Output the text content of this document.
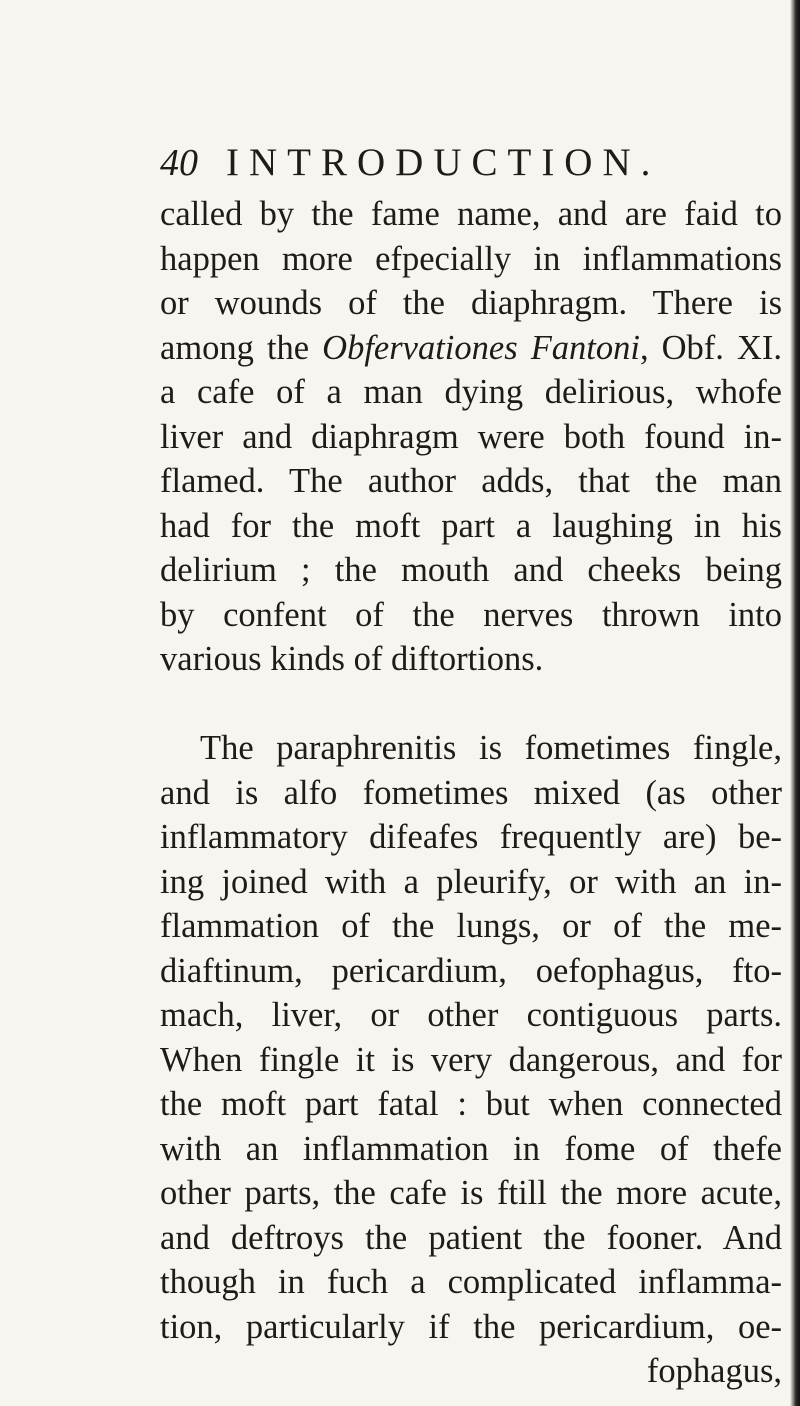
40 INTRODUCTION.
called by the fame name, and are faid to
happen more efpecially in inflammations
or wounds of the diaphragm. There is
among the Obfervationes Fantoni, Obf. XI.
a cafe of a man dying delirious, whofe
liver and diaphragm were both found in-
flamed. The author adds, that the man
had for the moft part a laughing in his
delirium ; the mouth and cheeks being
by confent of the nerves thrown into
various kinds of diftortions.
The paraphrenitis is fometimes fingle,
and is alfo fometimes mixed (as other
inflammatory difeafes frequently are) be-
ing joined with a pleurify, or with an in-
flammation of the lungs, or of the me-
diaftinum, pericardium, oefophagus, fto-
mach, liver, or other contiguous parts.
When fingle it is very dangerous, and for
the moft part fatal : but when connected
with an inflammation in fome of thefe
other parts, the cafe is ftill the more acute,
and deftroys the patient the fooner. And
though in fuch a complicated inflamma-
tion, particularly if the pericardium, oe-
fophagus,
